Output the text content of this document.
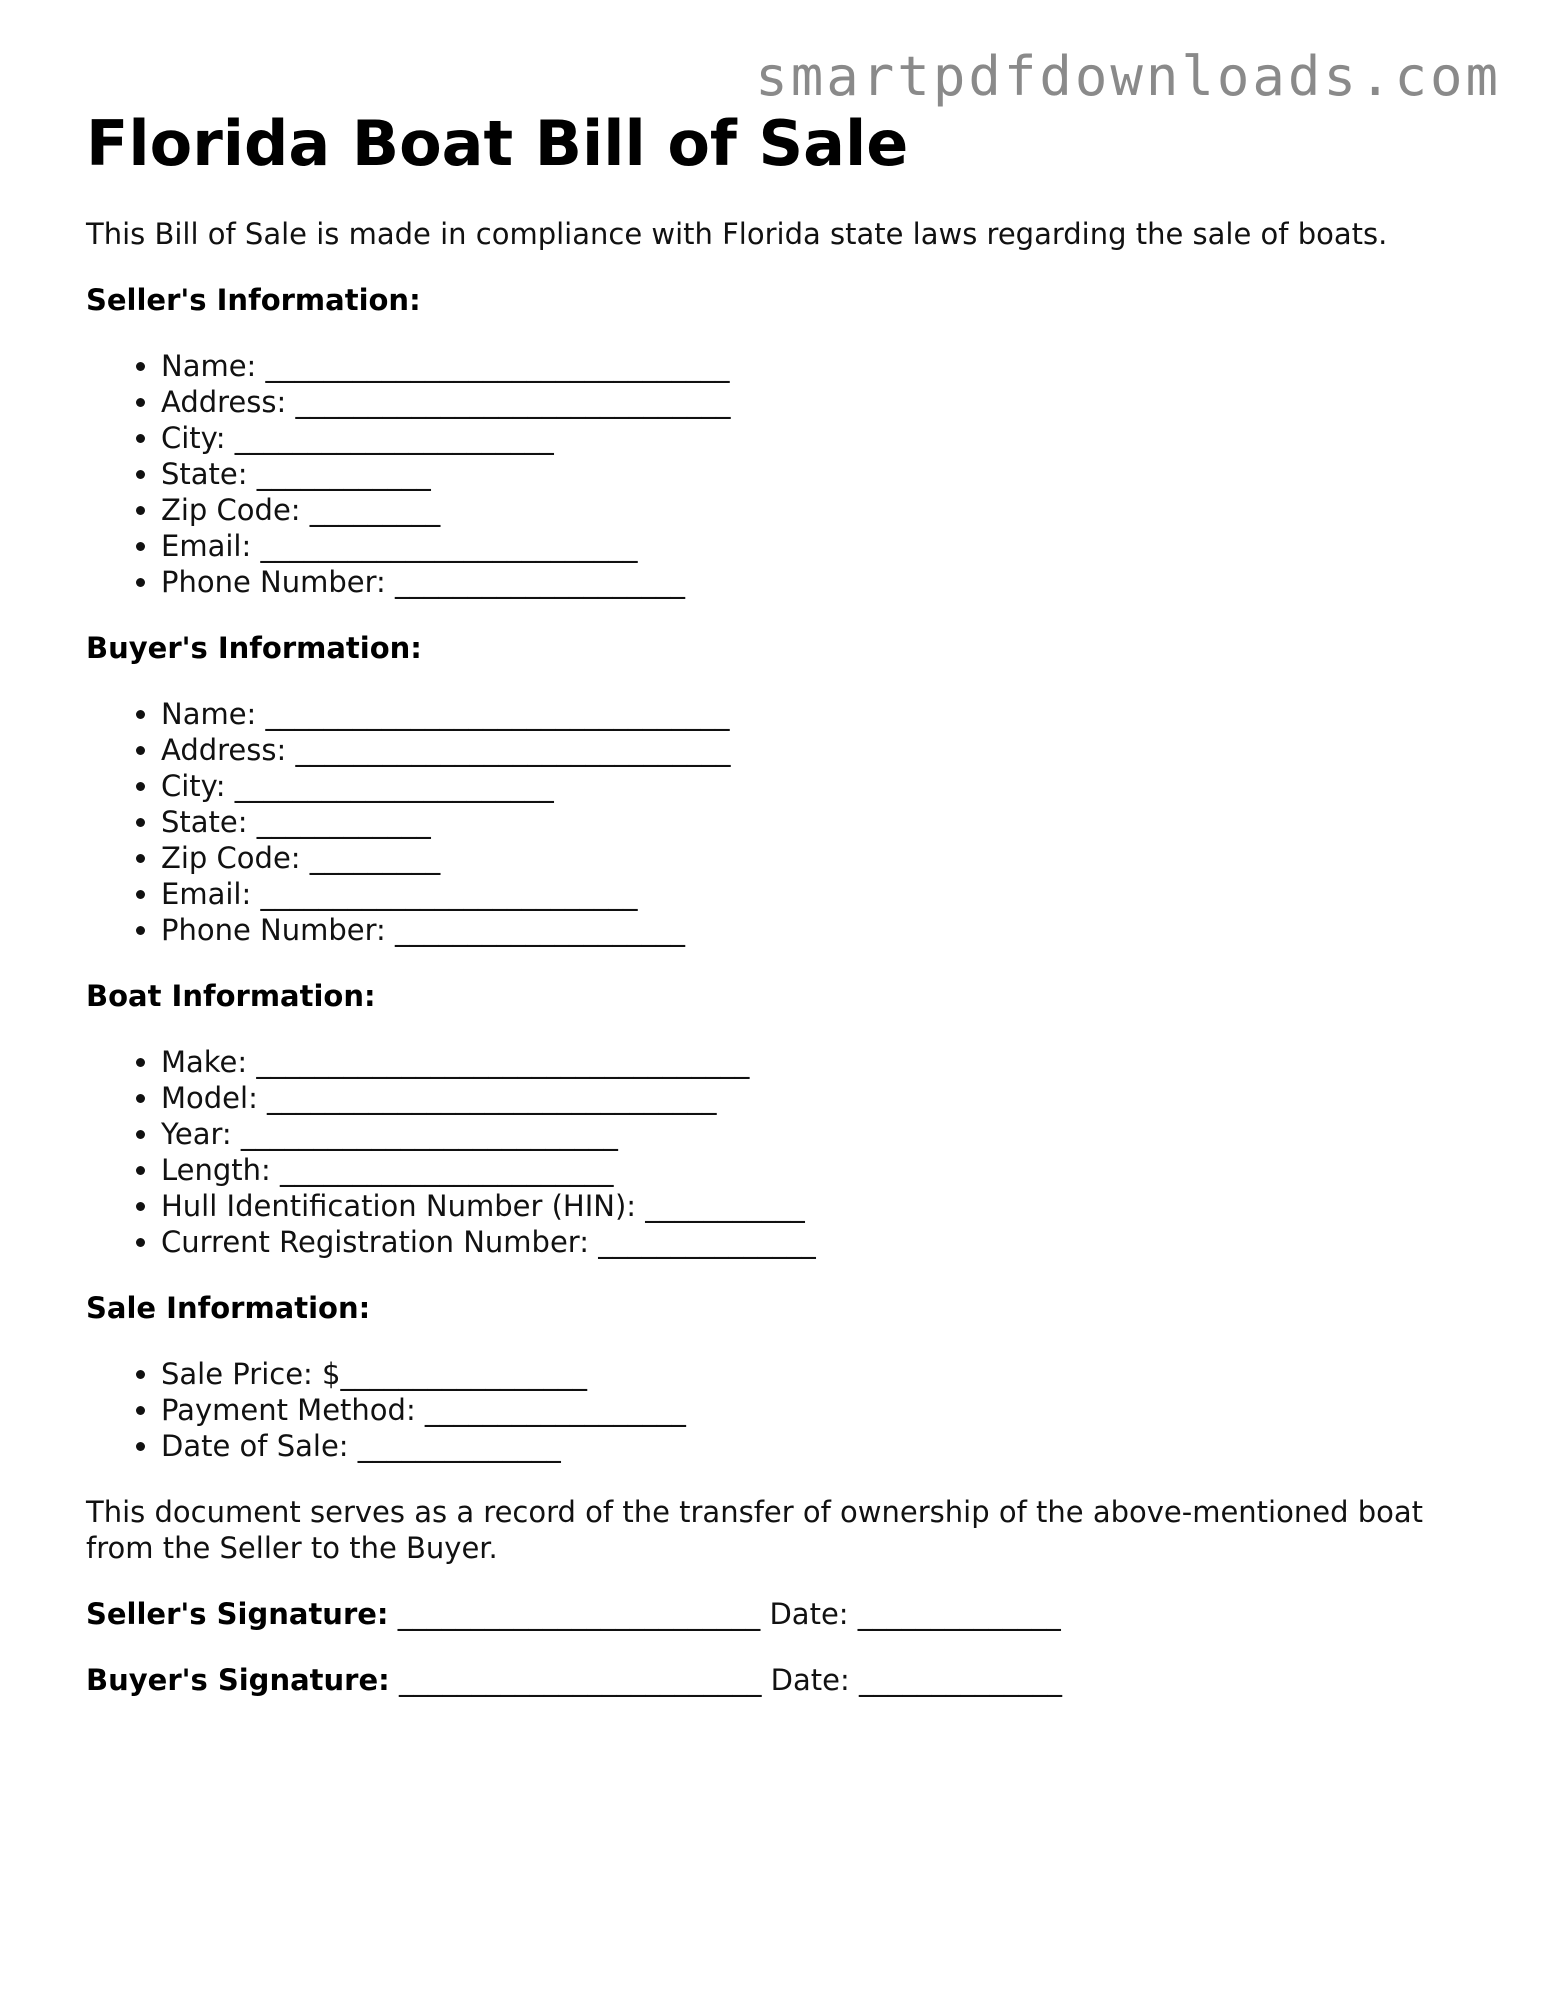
smartpdfdownloads.com
Florida Boat Bill of Sale

This Bill of Sale is made in compliance with Florida state laws regarding the sale of boats.

Seller's Information:
• Name: ________________________________
• Address: ______________________________
• City: ______________________
• State: ____________
• Zip Code: _________
• Email: __________________________
• Phone Number: ____________________
Buyer's Information:
• Name: ________________________________
• Address: ______________________________
• City: ______________________
• State: ____________
• Zip Code: _________
• Email: __________________________
• Phone Number: ____________________
Boat Information:
• Make: __________________________________
• Model: _______________________________
• Year: __________________________
• Length: _______________________
• Hull Identification Number (HIN): ___________
• Current Registration Number: _______________
Sale Information:
• Sale Price: $_________________
• Payment Method: __________________
• Date of Sale: ______________

This document serves as a record of the transfer of ownership of the above-mentioned boat from the Seller to the Buyer.

Seller's Signature: _________________________ Date: ______________
Buyer's Signature: _________________________ Date: ______________
